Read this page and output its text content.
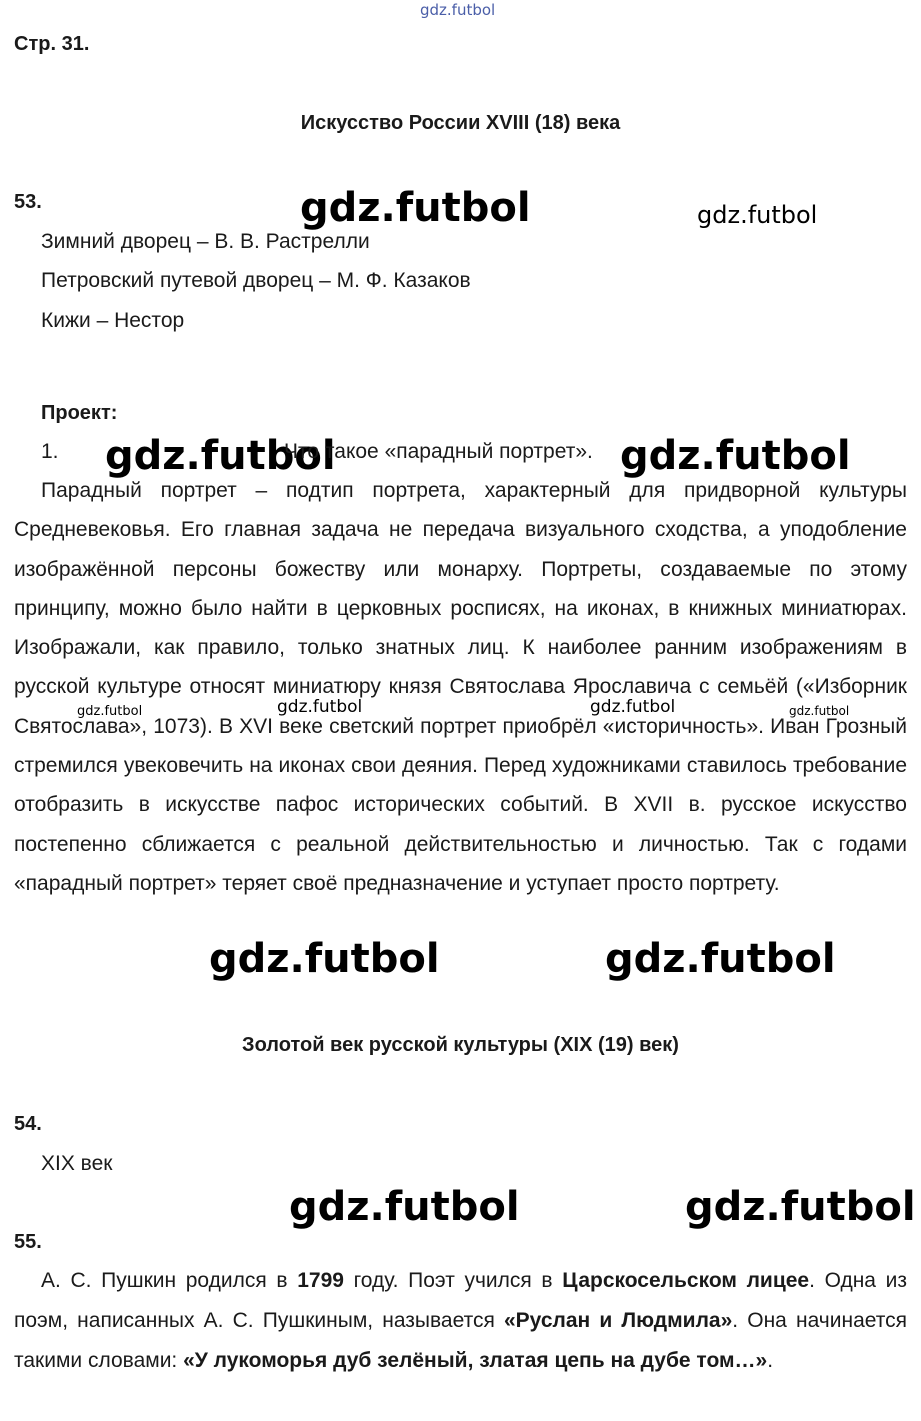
gdz.futbol
gdz.futbol	gdz.futbol
gdz.futbol	gdz.futbol
gdz.futbol	gdz.futbol	gdz.futbol	gdz.futbol
gdz.futbol	gdz.futbol
gdz.futbol	gdz.futbol
Стр. 31.
Искусство России XVIII (18) века
53.
Зимний дворец – В. В. Растрелли
Петровский путевой дворец – М. Ф. Казаков
Кижи – Нестор
Проект:
1.	Что такое «парадный портрет».

Парадный портрет – подтип портрета, характерный для придворной культуры Средневековья. Его главная задача не передача визуального сходства, а уподобление изображённой персоны божеству или монарху. Портреты, создаваемые по этому принципу, можно было найти в церковных росписях, на иконах, в книжных миниатюрах. Изображали, как правило, только знатных лиц. К наиболее ранним изображениям в русской культуре относят миниатюру князя Святослава Ярославича с семьёй («Изборник Святослава», 1073). В XVI веке светский портрет приобрёл «историчность». Иван Грозный стремился увековечить на иконах свои деяния. Перед художниками ставилось требование отобразить в искусстве пафос исторических событий. В XVII в. русское искусство постепенно сближается с реальной действительностью и личностью. Так с годами «парадный портрет» теряет своё предназначение и уступает просто портрету.

Золотой век русской культуры (XIX (19) век)
54.
XIX век
55.

А. С. Пушкин родился в 1799 году. Поэт учился в Царскосельском лицее. Одна из поэм, написанных А. С. Пушкиным, называется «Руслан и Людмила». Она начинается такими словами: «У лукоморья дуб зелёный, златая цепь на дубе том…».
